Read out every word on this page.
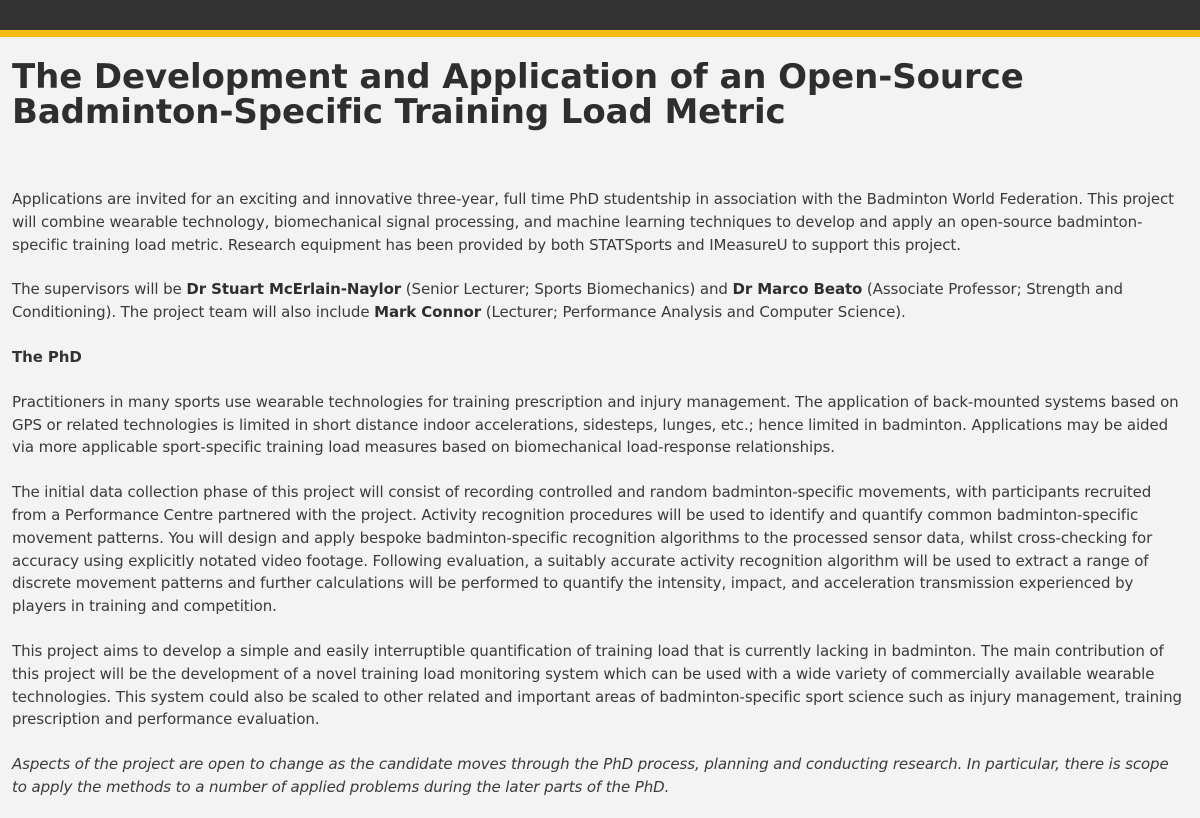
The Development and Application of an Open-Source Badminton-Specific Training Load Metric

Applications are invited for an exciting and innovative three-year, full time PhD studentship in association with the Badminton World Federation. This project will combine wearable technology, biomechanical signal processing, and machine learning techniques to develop and apply an open-source badminton-specific training load metric. Research equipment has been provided by both STATSports and IMeasureU to support this project.

The supervisors will be Dr Stuart McErlain-Naylor (Senior Lecturer; Sports Biomechanics) and Dr Marco Beato (Associate Professor; Strength and Conditioning). The project team will also include Mark Connor (Lecturer; Performance Analysis and Computer Science).

The PhD

Practitioners in many sports use wearable technologies for training prescription and injury management. The application of back-mounted systems based on GPS or related technologies is limited in short distance indoor accelerations, sidesteps, lunges, etc.; hence limited in badminton. Applications may be aided via more applicable sport-specific training load measures based on biomechanical load-response relationships.

The initial data collection phase of this project will consist of recording controlled and random badminton-specific movements, with participants recruited from a Performance Centre partnered with the project. Activity recognition procedures will be used to identify and quantify common badminton-specific movement patterns. You will design and apply bespoke badminton-specific recognition algorithms to the processed sensor data, whilst cross-checking for accuracy using explicitly notated video footage. Following evaluation, a suitably accurate activity recognition algorithm will be used to extract a range of discrete movement patterns and further calculations will be performed to quantify the intensity, impact, and acceleration transmission experienced by players in training and competition.

This project aims to develop a simple and easily interruptible quantification of training load that is currently lacking in badminton. The main contribution of this project will be the development of a novel training load monitoring system which can be used with a wide variety of commercially available wearable technologies. This system could also be scaled to other related and important areas of badminton-specific sport science such as injury management, training prescription and performance evaluation.

Aspects of the project are open to change as the candidate moves through the PhD process, planning and conducting research. In particular, there is scope to apply the methods to a number of applied problems during the later parts of the PhD.
